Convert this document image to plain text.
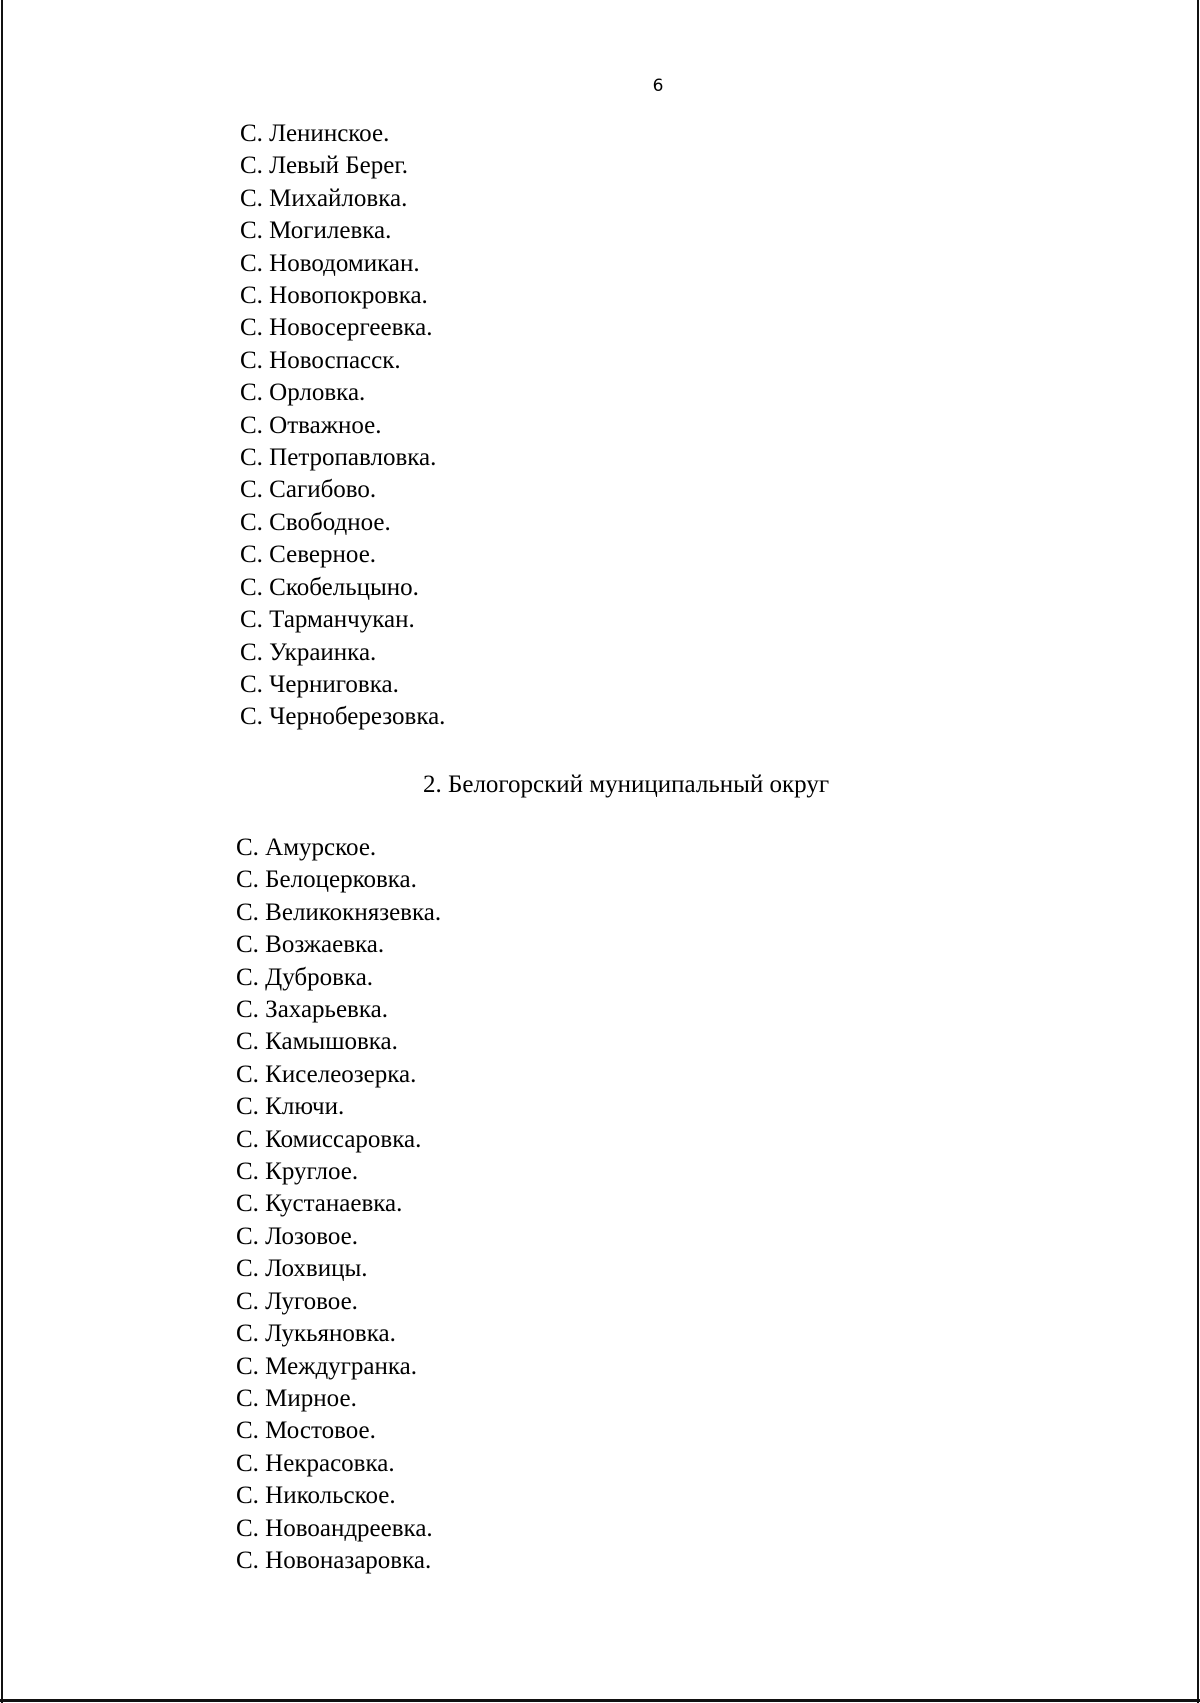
6
С. Ленинское.
С. Левый Берег.
С. Михайловка.
С. Могилевка.
С. Новодомикан.
С. Новопокровка.
С. Новосергеевка.
С. Новоспасск.
С. Орловка.
С. Отважное.
С. Петропавловка.
С. Сагибово.
С. Свободное.
С. Северное.
С. Скобельцыно.
С. Тарманчукан.
С. Украинка.
С. Черниговка.
С. Черноберезовка.
2. Белогорский муниципальный округ
С. Амурское.
С. Белоцерковка.
С. Великокнязевка.
С. Возжаевка.
С. Дубровка.
С. Захарьевка.
С. Камышовка.
С. Киселеозерка.
С. Ключи.
С. Комиссаровка.
С. Круглое.
С. Кустанаевка.
С. Лозовое.
С. Лохвицы.
С. Луговое.
С. Лукьяновка.
С. Междугранка.
С. Мирное.
С. Мостовое.
С. Некрасовка.
С. Никольское.
С. Новоандреевка.
С. Новоназаровка.
